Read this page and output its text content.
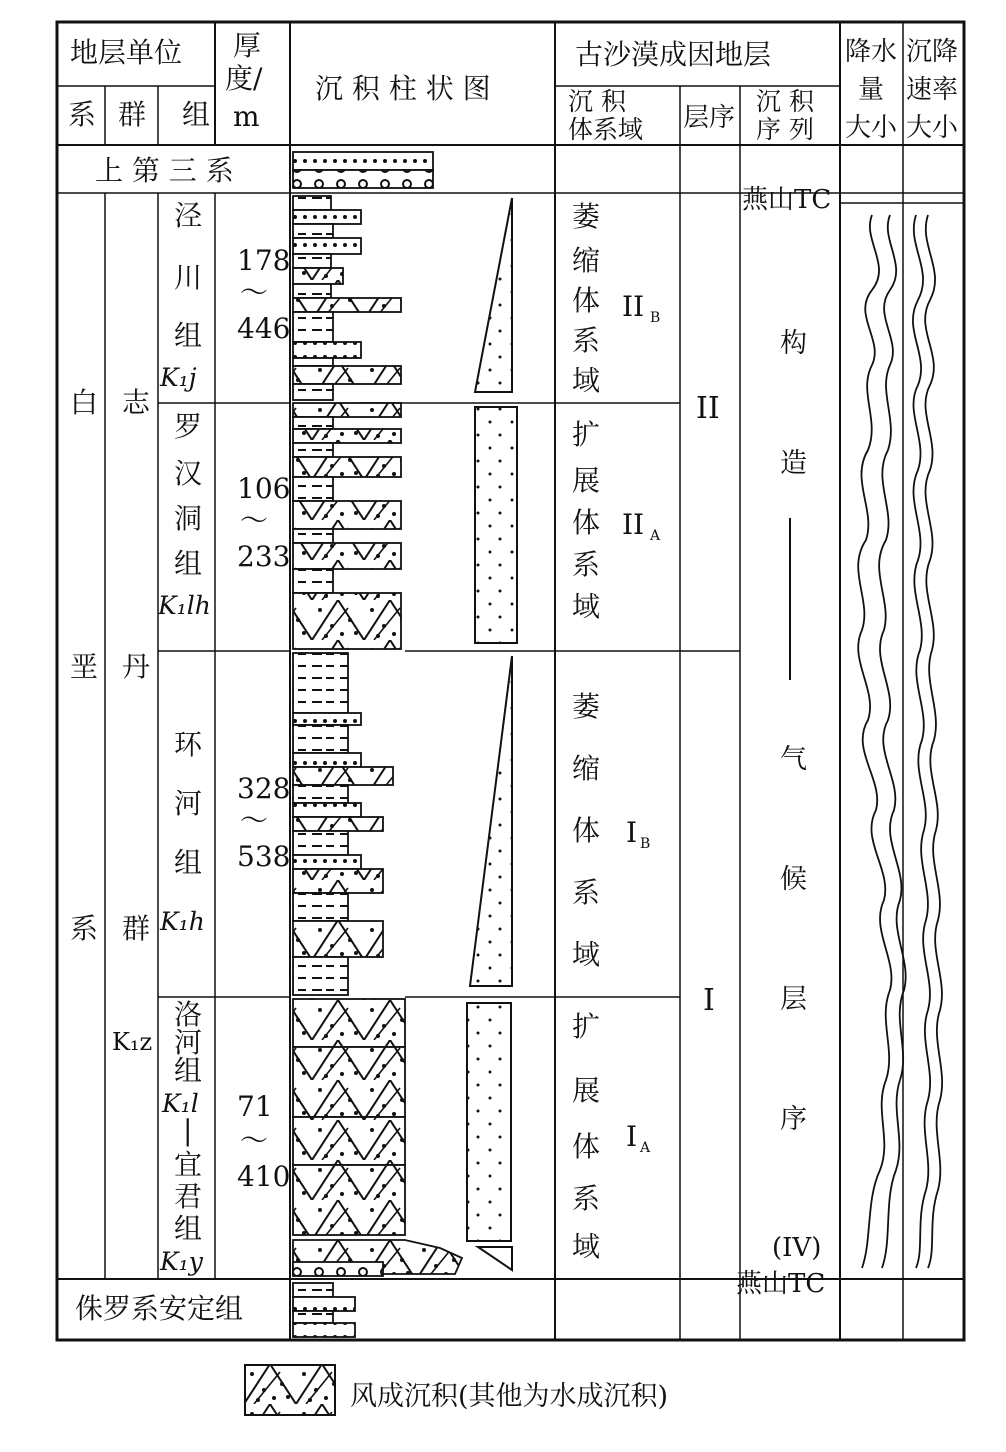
地层单位
系 群 组
厚
度/
m
沉 积 柱 状 图
古沙漠成因地层
沉 积
体系域 层序
沉 积
序 列
降水
量
大小
沉降
速率
大小
上 第 三 系
白
垩
系
志
丹
群
K₁z
侏罗系安定组
泾
川
组
K₁j
罗
汉
洞
组
K₁lh
环
河
组
K₁h
洛
河
组
K₁l
|
宜
君
组
K₁y
178
～
446
106
～
233
328
～
538
71
～
410
萎
缩
体
系
域
II B
扩
展
体
系
域
II A
萎
缩
体
系
域
I B
扩
展
体
系
域
I A
II
I
燕山TC
构
造
气
候
层
序
(IV)
燕山TC
风成沉积(其他为水成沉积)
